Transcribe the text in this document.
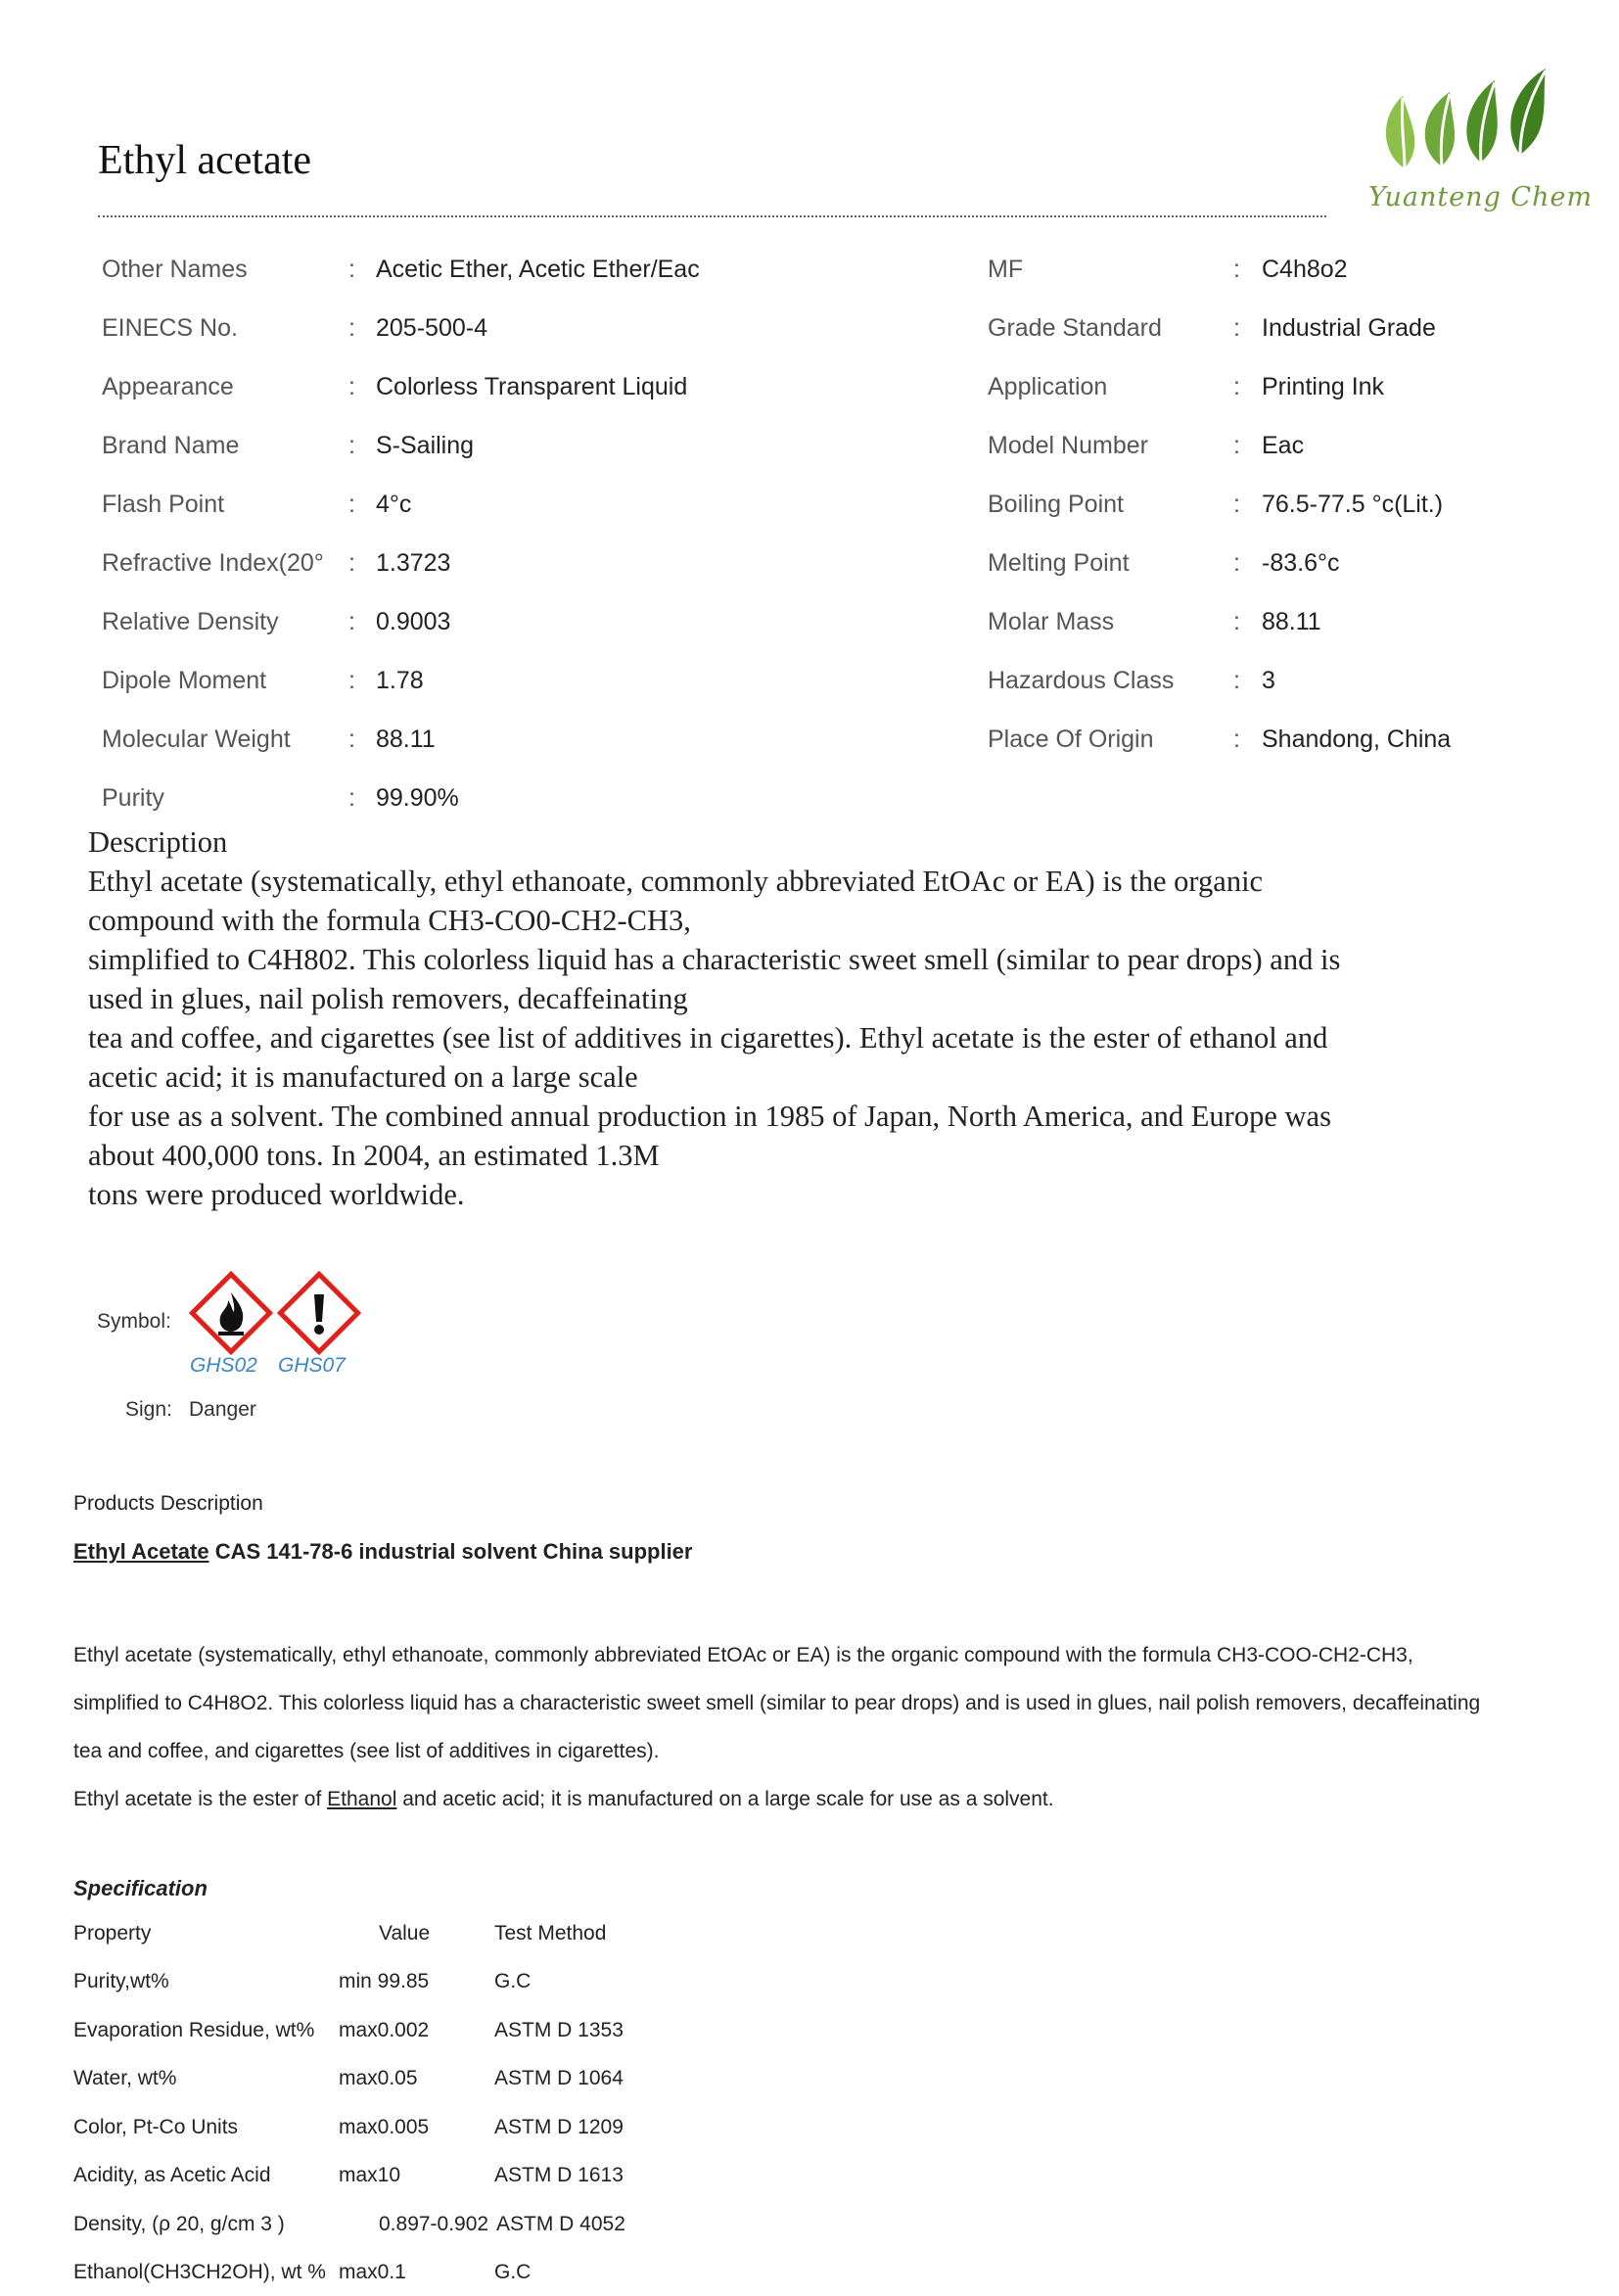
Ethyl acetate
Yuanteng Chem
Other Names	: Acetic Ether, Acetic Ether/Eac
EINECS No.	: 205-500-4
Appearance	: Colorless Transparent Liquid
Brand Name	: S-Sailing
Flash Point	: 4°c
Refractive Index(20° : 1.3723
Relative Density	: 0.9003
Dipole Moment	: 1.78
Molecular Weight : 88.11
Purity	: 99.90%
MF	: C4h8o2
Grade Standard	: Industrial Grade
Application	: Printing Ink
Model Number	: Eac
Boiling Point	: 76.5-77.5 °c(Lit.)
Melting Point	: -83.6°c
Molar Mass	: 88.11
Hazardous Class : 3
Place Of Origin	: Shandong, China

Description

Ethyl acetate (systematically, ethyl ethanoate, commonly abbreviated EtOAc or EA) is the organic

compound with the formula CH3-CO0-CH2-CH3,

simplified to C4H802. This colorless liquid has a characteristic sweet smell (similar to pear drops) and is

used in glues, nail polish removers, decaffeinating

tea and coffee, and cigarettes (see list of additives in cigarettes). Ethyl acetate is the ester of ethanol and

acetic acid; it is manufactured on a large scale

for use as a solvent. The combined annual production in 1985 of Japan, North America, and Europe was

about 400,000 tons. In 2004, an estimated 1.3M

tons were produced worldwide.

Symbol:
GHS02 GHS07
Sign: Danger
Products Description
Ethyl Acetate CAS 141-78-6 industrial solvent China supplier

Ethyl acetate (systematically, ethyl ethanoate, commonly abbreviated EtOAc or EA) is the organic compound with the formula CH3-COO-CH2-CH3,

simplified to C4H8O2. This colorless liquid has a characteristic sweet smell (similar to pear drops) and is used in glues, nail polish removers, decaffeinating

tea and coffee, and cigarettes (see list of additives in cigarettes).

Ethyl acetate is the ester of Ethanol and acetic acid; it is manufactured on a large scale for use as a solvent.

Specification
Property	Value	Test Method
Purity,wt%	min 99.85	G.C
Evaporation Residue, wt% max0.002	ASTM D 1353
Water, wt%	max0.05	ASTM D 1064
Color, Pt-Co Units	max0.005	ASTM D 1209
Acidity, as Acetic Acid	max10	ASTM D 1613
Density, (ρ 20, g/cm 3 )	0.897-0.902 ASTM D 4052
Ethanol(CH3CH2OH), wt % max0.1	G.C
